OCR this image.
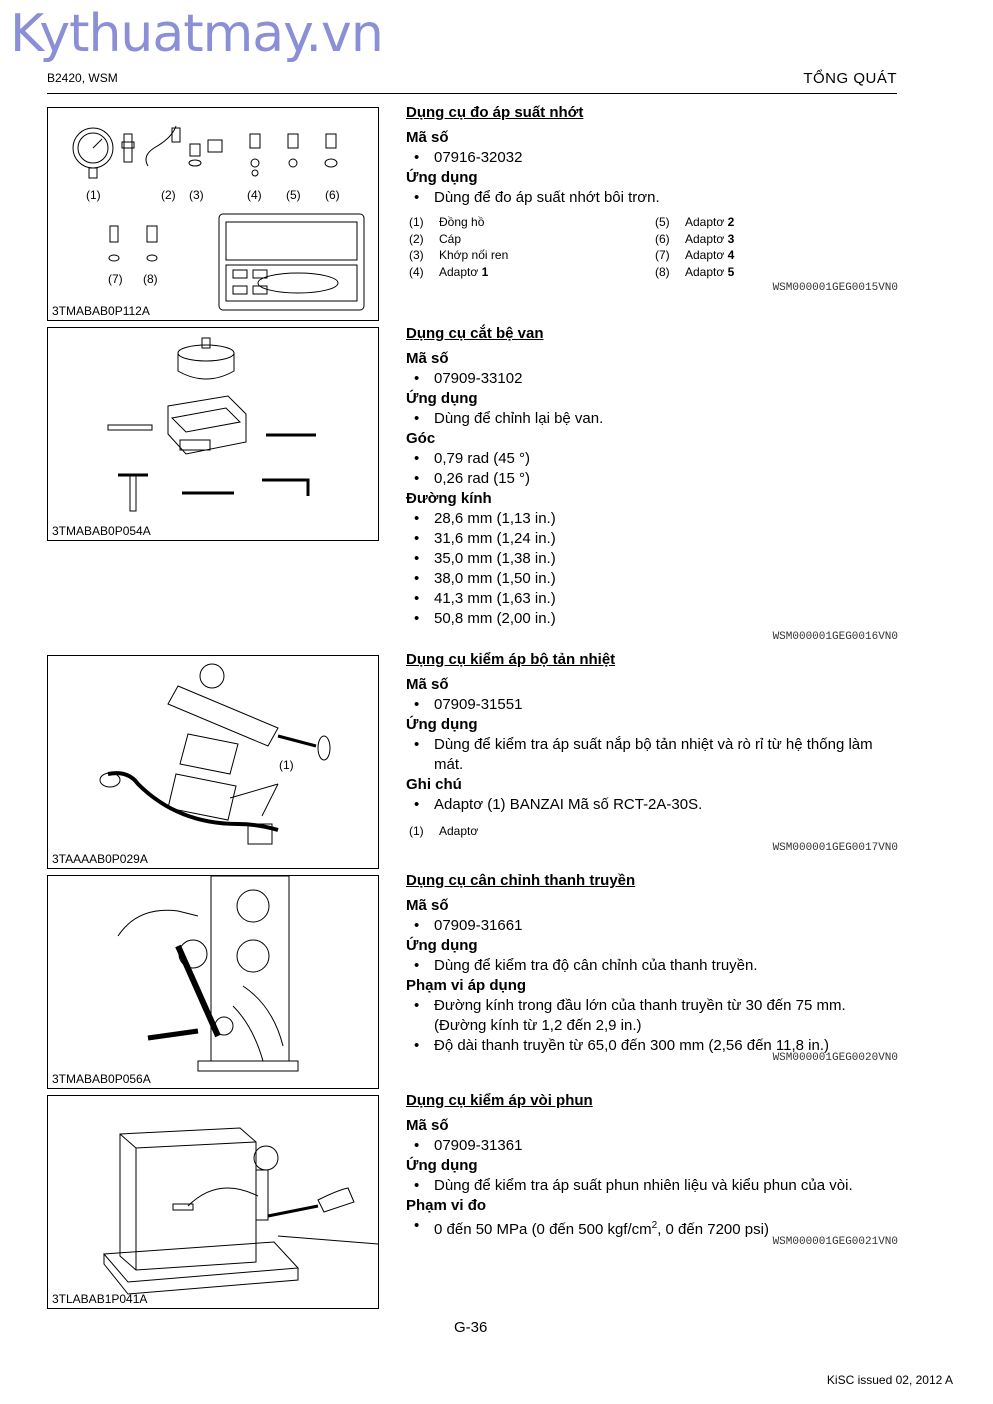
Kythuatmay.vn
B2420, WSM	TỔNG QUÁT
(1)	(2) (3)	(4) (5) (6)
(7) (8)
3TMABAB0P112A
3TMABAB0P054A
(1)
3TAAAAB0P029A
3TMABAB0P056A
3TLABAB1P041A
Dụng cụ đo áp suất nhớt
Mã số
• 07916-32032
Ứng dụng
• Dùng để đo áp suất nhớt bôi trơn.
(1) Đồng hồ	(5) Adaptơ 2
(2) Cáp	(6) Adaptơ 3
(3) Khớp nối ren	(7) Adaptơ 4
(4) Adaptơ 1	(8) Adaptơ 5
WSM000001GEG0015VN0
Dụng cụ cắt bệ van
Mã số
• 07909-33102
Ứng dụng
• Dùng để chỉnh lại bệ van.
Góc
• 0,79 rad (45 °)
• 0,26 rad (15 °)
Đường kính
• 28,6 mm (1,13 in.)
• 31,6 mm (1,24 in.)
• 35,0 mm (1,38 in.)
• 38,0 mm (1,50 in.)
• 41,3 mm (1,63 in.)
• 50,8 mm (2,00 in.)
WSM000001GEG0016VN0
Dụng cụ kiểm áp bộ tản nhiệt
Mã số
• 07909-31551
Ứng dụng
• Dùng để kiểm tra áp suất nắp bộ tản nhiệt và rò rỉ từ hệ thống làm mát.
Ghi chú
• Adaptơ (1) BANZAI Mã số RCT-2A-30S.
(1) Adaptơ
WSM000001GEG0017VN0
Dụng cụ cân chỉnh thanh truyền
Mã số
• 07909-31661
Ứng dụng
• Dùng để kiểm tra độ cân chỉnh của thanh truyền.
Phạm vi áp dụng
• Đường kính trong đầu lớn của thanh truyền từ 30 đến 75 mm. (Đường kính từ 1,2 đến 2,9 in.)
• Độ dài thanh truyền từ 65,0 đến 300 mm (2,56 đến 11,8 in.)
WSM000001GEG0020VN0
Dụng cụ kiểm áp vòi phun
Mã số
• 07909-31361
Ứng dụng
• Dùng để kiểm tra áp suất phun nhiên liệu và kiểu phun của vòi.
Phạm vi đo
• 0 đến 50 MPa (0 đến 500 kgf/$cm^2$, 0 đến 7200 psi)
WSM000001GEG0021VN0
G-36
KiSC issued 02, 2012 A
